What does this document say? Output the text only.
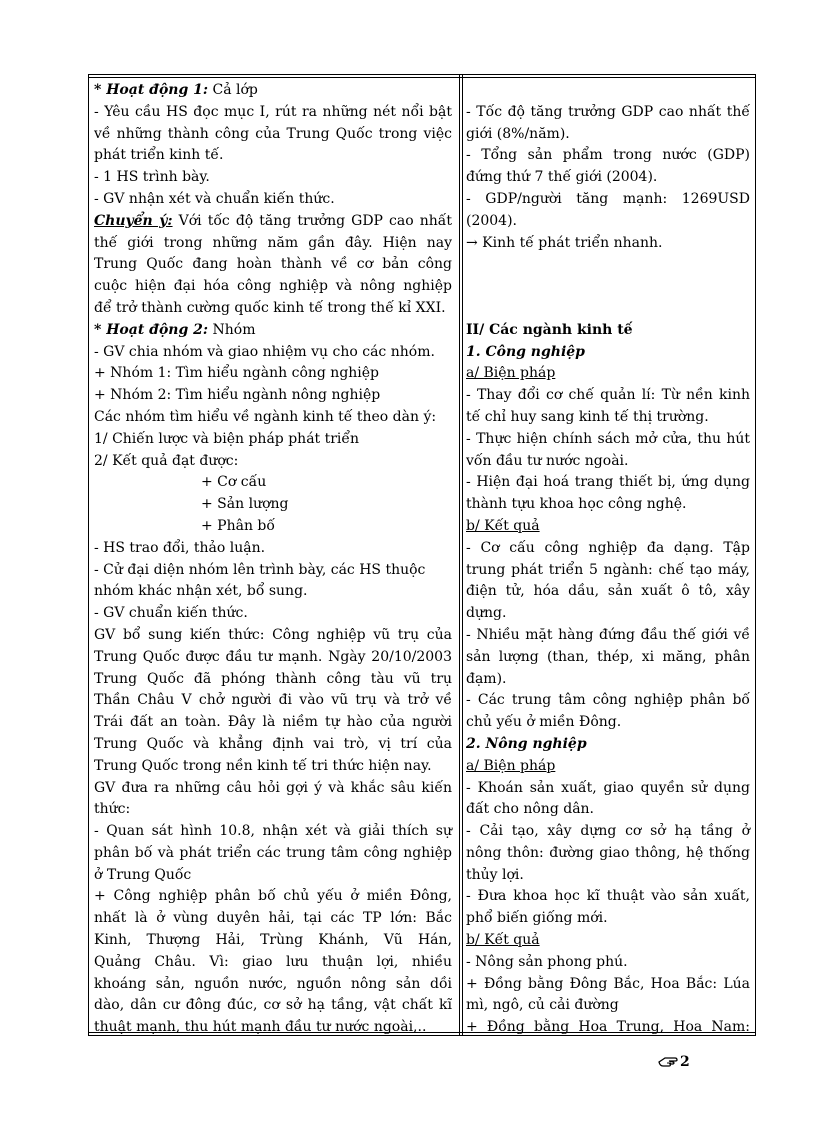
* Hoạt động 1: Cả lớp
- Yêu cầu HS đọc mục I, rút ra những nét nổi bật
về những thành công của Trung Quốc trong việc
phát triển kinh tế.
- 1 HS trình bày.
- GV nhận xét và chuẩn kiến thức.
Chuyển ý: Với tốc độ tăng trưởng GDP cao nhất
thế giới trong những năm gần đây. Hiện nay
Trung Quốc đang hoàn thành về cơ bản công
cuộc hiện đại hóa công nghiệp và nông nghiệp
để trở thành cường quốc kinh tế trong thế kỉ XXI.
* Hoạt động 2: Nhóm
- GV chia nhóm và giao nhiệm vụ cho các nhóm.
+ Nhóm 1: Tìm hiểu ngành công nghiệp
+ Nhóm 2: Tìm hiểu ngành nông nghiệp
Các nhóm tìm hiểu về ngành kinh tế theo dàn ý:
1/ Chiến lược và biện pháp phát triển
2/ Kết quả đạt được:
+ Cơ cấu
+ Sản lượng
+ Phân bố
- HS trao đổi, thảo luận.
- Cử đại diện nhóm lên trình bày, các HS thuộc
nhóm khác nhận xét, bổ sung.
- GV chuẩn kiến thức.
GV bổ sung kiến thức: Công nghiệp vũ trụ của
Trung Quốc được đầu tư mạnh. Ngày 20/10/2003
Trung Quốc đã phóng thành công tàu vũ trụ
Thần Châu V chở người đi vào vũ trụ và trở về
Trái đất an toàn. Đây là niềm tự hào của người
Trung Quốc và khẳng định vai trò, vị trí của
Trung Quốc trong nền kinh tế tri thức hiện nay.
GV đưa ra những câu hỏi gợi ý và khắc sâu kiến
thức:
- Quan sát hình 10.8, nhận xét và giải thích sự
phân bố và phát triển các trung tâm công nghiệp
ở Trung Quốc
+ Công nghiệp phân bố chủ yếu ở miền Đông,
nhất là ở vùng duyên hải, tại các TP lớn: Bắc
Kinh, Thượng Hải, Trùng Khánh, Vũ Hán,
Quảng Châu. Vì: giao lưu thuận lợi, nhiều
khoáng sản, nguồn nước, nguồn nông sản dồi
dào, dân cư đông đúc, cơ sở hạ tầng, vật chất kĩ
thuật mạnh, thu hút mạnh đầu tư nước ngoài,..
- Tốc độ tăng trưởng GDP cao nhất thế
giới (8%/năm).
- Tổng sản phẩm trong nước (GDP)
đứng thứ 7 thế giới (2004).
- GDP/người tăng mạnh: 1269USD
(2004).
→ Kinh tế phát triển nhanh.
II/ Các ngành kinh tế
1. Công nghiệp
a/ Biện pháp
- Thay đổi cơ chế quản lí: Từ nền kinh
tế chỉ huy sang kinh tế thị trường.
- Thực hiện chính sách mở cửa, thu hút
vốn đầu tư nước ngoài.
- Hiện đại hoá trang thiết bị, ứng dụng
thành tựu khoa học công nghệ.
b/ Kết quả
- Cơ cấu công nghiệp đa dạng. Tập
trung phát triển 5 ngành: chế tạo máy,
điện tử, hóa dầu, sản xuất ô tô, xây
dựng.
- Nhiều mặt hàng đứng đầu thế giới về
sản lượng (than, thép, xi măng, phân
đạm).
- Các trung tâm công nghiệp phân bố
chủ yếu ở miền Đông.
2. Nông nghiệp
a/ Biện pháp
- Khoán sản xuất, giao quyền sử dụng
đất cho nông dân.
- Cải tạo, xây dựng cơ sở hạ tầng ở
nông thôn: đường giao thông, hệ thống
thủy lợi.
- Đưa khoa học kĩ thuật vào sản xuất,
phổ biến giống mới.
b/ Kết quả
- Nông sản phong phú.
+ Đồng bằng Đông Bắc, Hoa Bắc: Lúa
mì, ngô, củ cải đường
+ Đồng bằng Hoa Trung, Hoa Nam:
2
